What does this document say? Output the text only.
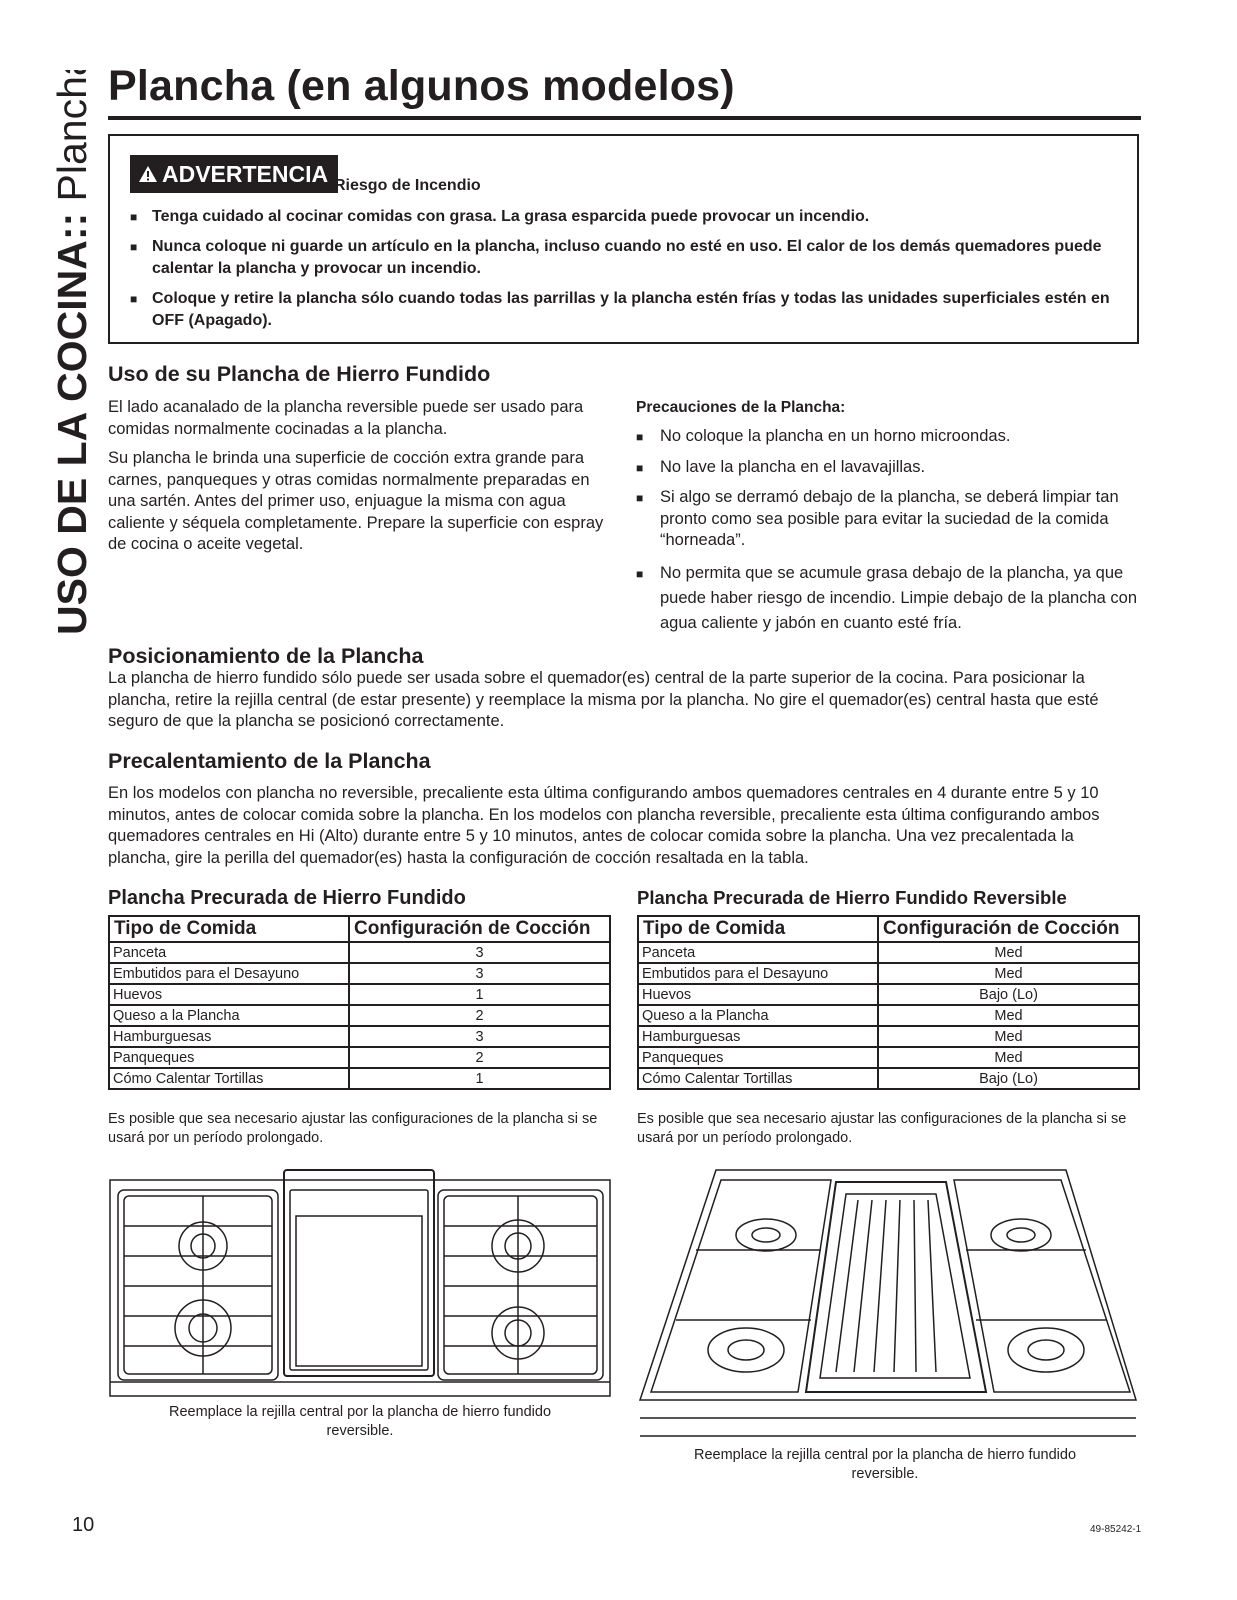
USO DE LA COCINA:: Plancha Plancha (en algunos modelos)
ADVERTENCIA Riesgo de Incendio
■ Tenga cuidado al cocinar comidas con grasa. La grasa esparcida puede provocar un incendio.
■ Nunca coloque ni guarde un artículo en la plancha, incluso cuando no esté en uso. El calor de los demás quemadores puede calentar la plancha y provocar un incendio.
■ Coloque y retire la plancha sólo cuando todas las parrillas y la plancha estén frías y todas las unidades superficiales estén en OFF (Apagado).
Uso de su Plancha de Hierro Fundido

El lado acanalado de la plancha reversible puede ser usado para comidas normalmente cocinadas a la plancha.

Su plancha le brinda una superficie de cocción extra grande para carnes, panqueques y otras comidas normalmente preparadas en una sartén. Antes del primer uso, enjuague la misma con agua caliente y séquela completamente. Prepare la superficie con espray de cocina o aceite vegetal.

Precauciones de la Plancha:
■ No coloque la plancha en un horno microondas.
■ No lave la plancha en el lavavajillas.
■ Si algo se derramó debajo de la plancha, se deberá limpiar tan pronto como sea posible para evitar la suciedad de la comida “horneada”.
■ No permita que se acumule grasa debajo de la plancha, ya que puede haber riesgo de incendio. Limpie debajo de la plancha con agua caliente y jabón en cuanto esté fría.
Posicionamiento de la Plancha

La plancha de hierro fundido sólo puede ser usada sobre el quemador(es) central de la parte superior de la cocina. Para posicionar la plancha, retire la rejilla central (de estar presente) y reemplace la misma por la plancha. No gire el quemador(es) central hasta que esté seguro de que la plancha se posicionó correctamente.

Precalentamiento de la Plancha

En los modelos con plancha no reversible, precaliente esta última configurando ambos quemadores centrales en 4 durante entre 5 y 10 minutos, antes de colocar comida sobre la plancha. En los modelos con plancha reversible, precaliente esta última configurando ambos quemadores centrales en Hi (Alto) durante entre 5 y 10 minutos, antes de colocar comida sobre la plancha. Una vez precalentada la plancha, gire la perilla del quemador(es) hasta la configuración de cocción resaltada en la tabla.

Plancha Precurada de Hierro Fundido
Tipo de Comida	Configuración de Cocción
Panceta	3
Embutidos para el Desayuno	3
Huevos	1
Queso a la Plancha	2
Hamburguesas	3
Panqueques	2
Cómo Calentar Tortillas	1
Es posible que sea necesario ajustar las configuraciones de la plancha si se usará por un período prolongado.
Plancha Precurada de Hierro Fundido Reversible
Tipo de Comida	Configuración de Cocción
Panceta	Med
Embutidos para el Desayuno	Med
Huevos	Bajo (Lo)
Queso a la Plancha	Med
Hamburguesas	Med
Panqueques	Med
Cómo Calentar Tortillas	Bajo (Lo)
Es posible que sea necesario ajustar las configuraciones de la plancha si se usará por un período prolongado.
Reemplace la rejilla central por la plancha de hierro fundido reversible.
Reemplace la rejilla central por la plancha de hierro fundido reversible.
10	49-85242-1
